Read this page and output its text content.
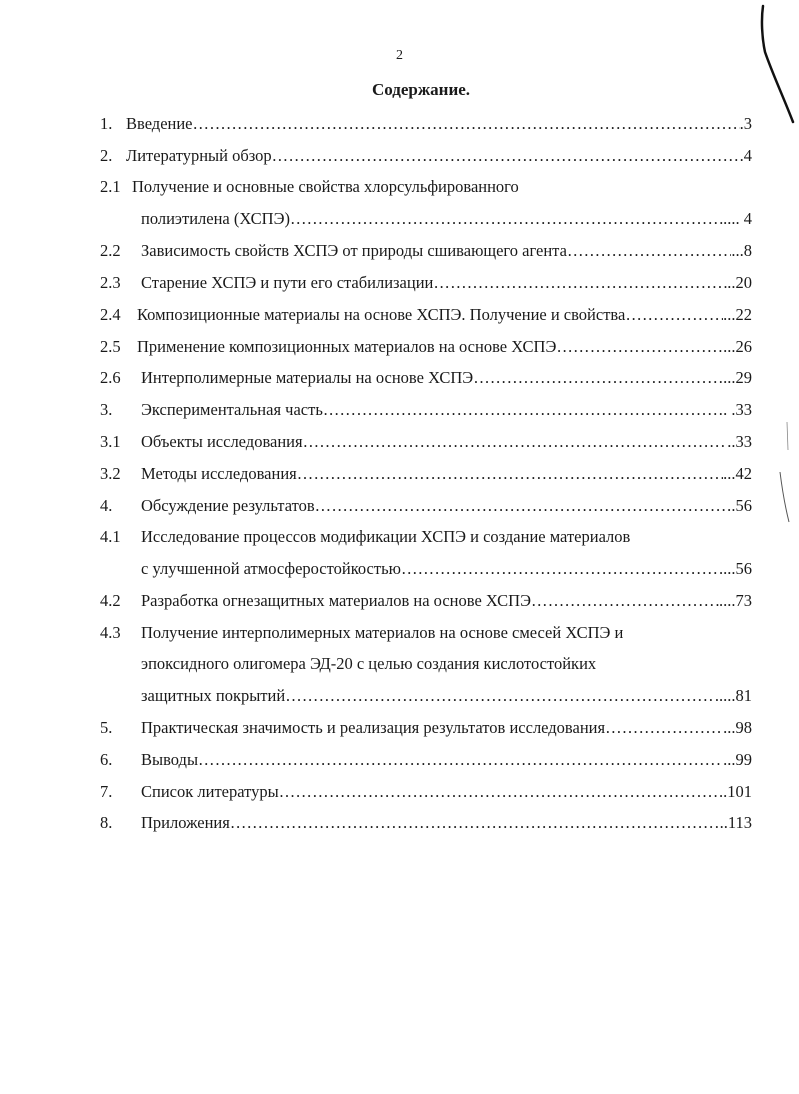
2
Содержание.
1. Введение …………………………………………………………………………………………………………………………………………………………………………………………………………………………	.3
2. Литературный обзор …………………………………………………………………………………………………………………………………………………………………………………………………………………………	.4
2.1 Получение и основные свойства хлорсульфированного
полиэтилена (ХСПЭ) …………………………………………………………………………………………………………………………………………………………………………………………………………………………	.... 4
2.2 Зависимость свойств ХСПЭ от природы сшивающего агента …………………………………………………………………………………………………………………………………………………………………………………………………………………………	...8
2.3 Старение ХСПЭ и пути его стабилизации …………………………………………………………………………………………………………………………………………………………………………………………………………………………	..20
2.4 Композиционные материалы на основе ХСПЭ. Получение и свойства …………………………………………………………………………………………………………………………………………………………………………………………………………………………	...22
2.5 Применение композиционных материалов на основе ХСПЭ …………………………………………………………………………………………………………………………………………………………………………………………………………………………	...26
2.6 Интерполимерные материалы на основе ХСПЭ …………………………………………………………………………………………………………………………………………………………………………………………………………………………	...29
3. Экспериментальная часть …………………………………………………………………………………………………………………………………………………………………………………………………………………………	. .33
3.1 Объекты исследования …………………………………………………………………………………………………………………………………………………………………………………………………………………………	..33
3.2 Методы исследования …………………………………………………………………………………………………………………………………………………………………………………………………………………………	...42
4. Обсуждение результатов …………………………………………………………………………………………………………………………………………………………………………………………………………………………	.56
4.1 Исследование процессов модификации ХСПЭ и создание материалов
с улучшенной атмосферостойкостью …………………………………………………………………………………………………………………………………………………………………………………………………………………………	....56
4.2 Разработка огнезащитных материалов на основе ХСПЭ …………………………………………………………………………………………………………………………………………………………………………………………………………………………	....73
4.3 Получение интерполимерных материалов на основе смесей ХСПЭ и
эпоксидного олигомера ЭД-20 с целью создания кислотостойких
защитных покрытий …………………………………………………………………………………………………………………………………………………………………………………………………………………………	.....81
5. Практическая значимость и реализация результатов исследования …………………………………………………………………………………………………………………………………………………………………………………………………………………………	...98
6. Выводы …………………………………………………………………………………………………………………………………………………………………………………………………………………………	...99
7. Список литературы …………………………………………………………………………………………………………………………………………………………………………………………………………………………	..101
8. Приложения …………………………………………………………………………………………………………………………………………………………………………………………………………………………	..113
